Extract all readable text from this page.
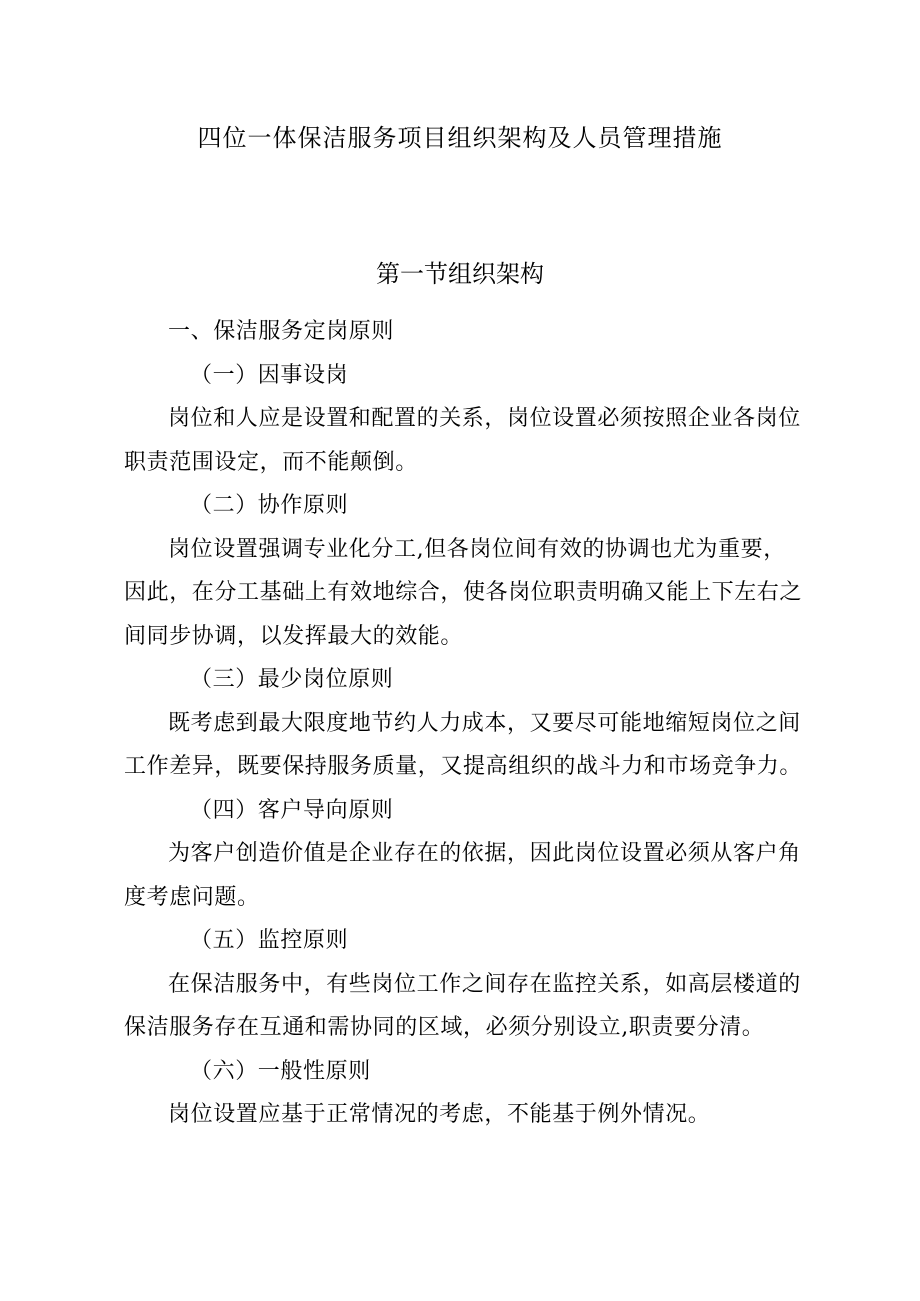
四位一体保洁服务项目组织架构及人员管理措施
第一节组织架构

一、保洁服务定岗原则

（一）因事设岗

岗位和人应是设置和配置的关系，岗位设置必须按照企业各岗位职责范围设定，而不能颠倒。

（二）协作原则

岗位设置强调专业化分工,但各岗位间有效的协调也尤为重要，因此，在分工基础上有效地综合，使各岗位职责明确又能上下左右之间同步协调，以发挥最大的效能。

（三）最少岗位原则

既考虑到最大限度地节约人力成本，又要尽可能地缩短岗位之间工作差异，既要保持服务质量，又提高组织的战斗力和市场竞争力。

（四）客户导向原则

为客户创造价值是企业存在的依据，因此岗位设置必须从客户角度考虑问题。

（五）监控原则

在保洁服务中，有些岗位工作之间存在监控关系，如高层楼道的保洁服务存在互通和需协同的区域，必须分别设立,职责要分清。

（六）一般性原则

岗位设置应基于正常情况的考虑，不能基于例外情况。
